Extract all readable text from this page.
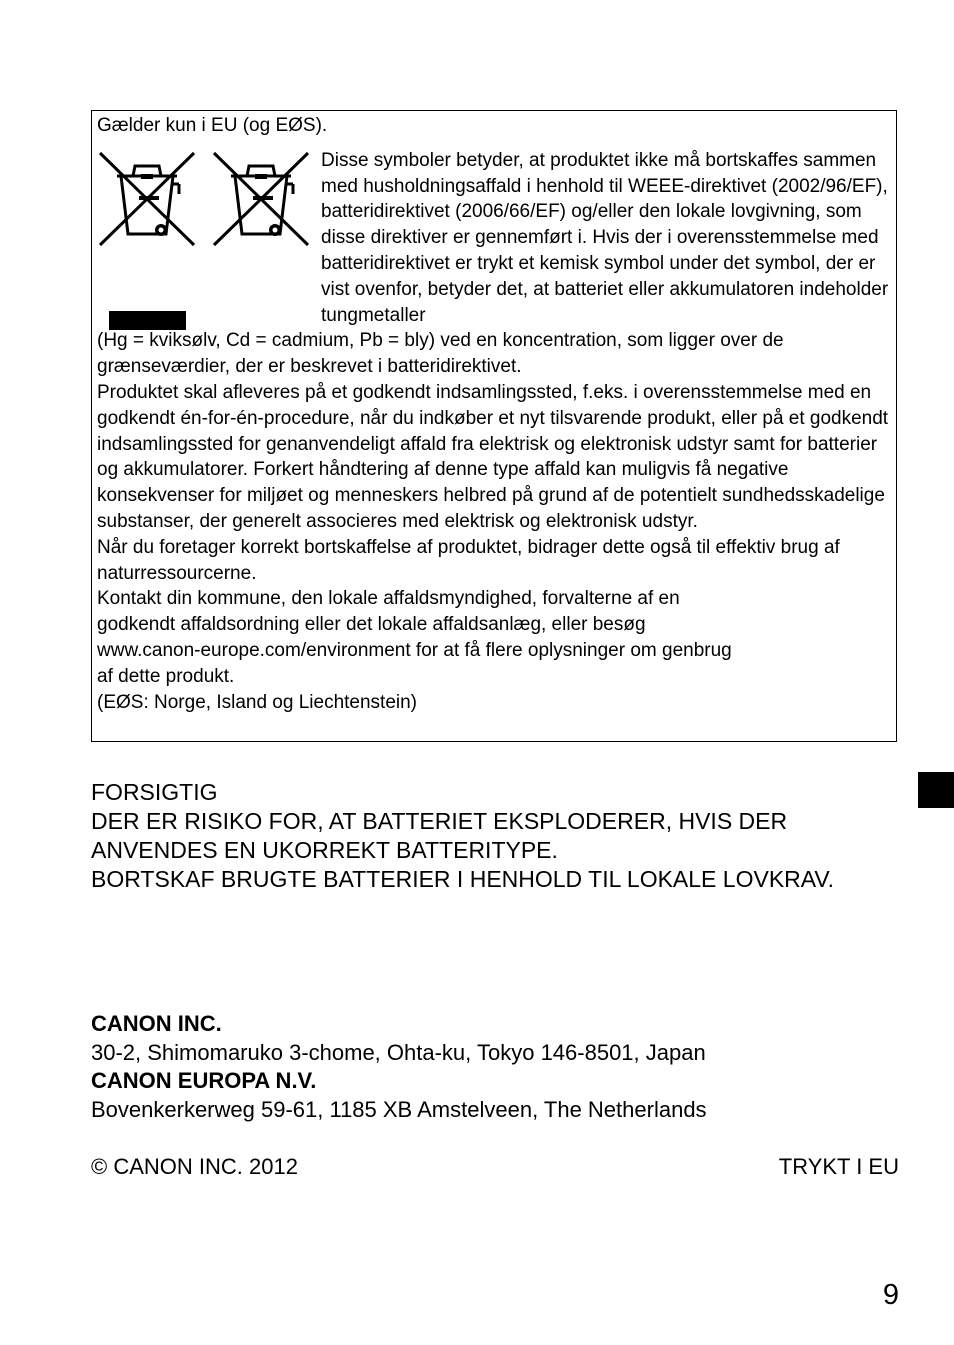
Gælder kun i EU (og EØS).

Disse symboler betyder, at produktet ikke må bortskaffes sammen med husholdningsaffald i henhold til WEEE-direktivet (2002/96/EF), batteridirektivet (2006/66/EF) og/eller den lokale lovgivning, som disse direktiver er gennemført i. Hvis der i overensstemmelse med batteridirektivet er trykt et kemisk symbol under det symbol, der er vist ovenfor, betyder det, at batteriet eller akkumulatoren indeholder tungmetaller

(Hg = kviksølv, Cd = cadmium, Pb = bly) ved en koncentration, som ligger over de grænseværdier, der er beskrevet i batteridirektivet.

Produktet skal afleveres på et godkendt indsamlingssted, f.eks. i overensstemmelse med en godkendt én-for-én-procedure, når du indkøber et nyt tilsvarende produkt, eller på et godkendt indsamlingssted for genanvendeligt affald fra elektrisk og elektronisk udstyr samt for batterier og akkumulatorer. Forkert håndtering af denne type affald kan muligvis få negative konsekvenser for miljøet og menneskers helbred på grund af de potentielt sundhedsskadelige substanser, der generelt associeres med elektrisk og elektronisk udstyr.

Når du foretager korrekt bortskaffelse af produktet, bidrager dette også til effektiv brug af naturressourcerne.

Kontakt din kommune, den lokale affaldsmyndighed, forvalterne af en

godkendt affaldsordning eller det lokale affaldsanlæg, eller besøg

www.canon-europe.com/environment for at få flere oplysninger om genbrug

af dette produkt.

(EØS: Norge, Island og Liechtenstein)

FORSIGTIG

DER ER RISIKO FOR, AT BATTERIET EKSPLODERER, HVIS DER

ANVENDES EN UKORREKT BATTERITYPE.

BORTSKAF BRUGTE BATTERIER I HENHOLD TIL LOKALE LOVKRAV.

CANON INC.

30-2, Shimomaruko 3-chome, Ohta-ku, Tokyo 146-8501, Japan

CANON EUROPA N.V.

Bovenkerkerweg 59-61, 1185 XB Amstelveen, The Netherlands

© CANON INC. 2012	TRYKT I EU
9
